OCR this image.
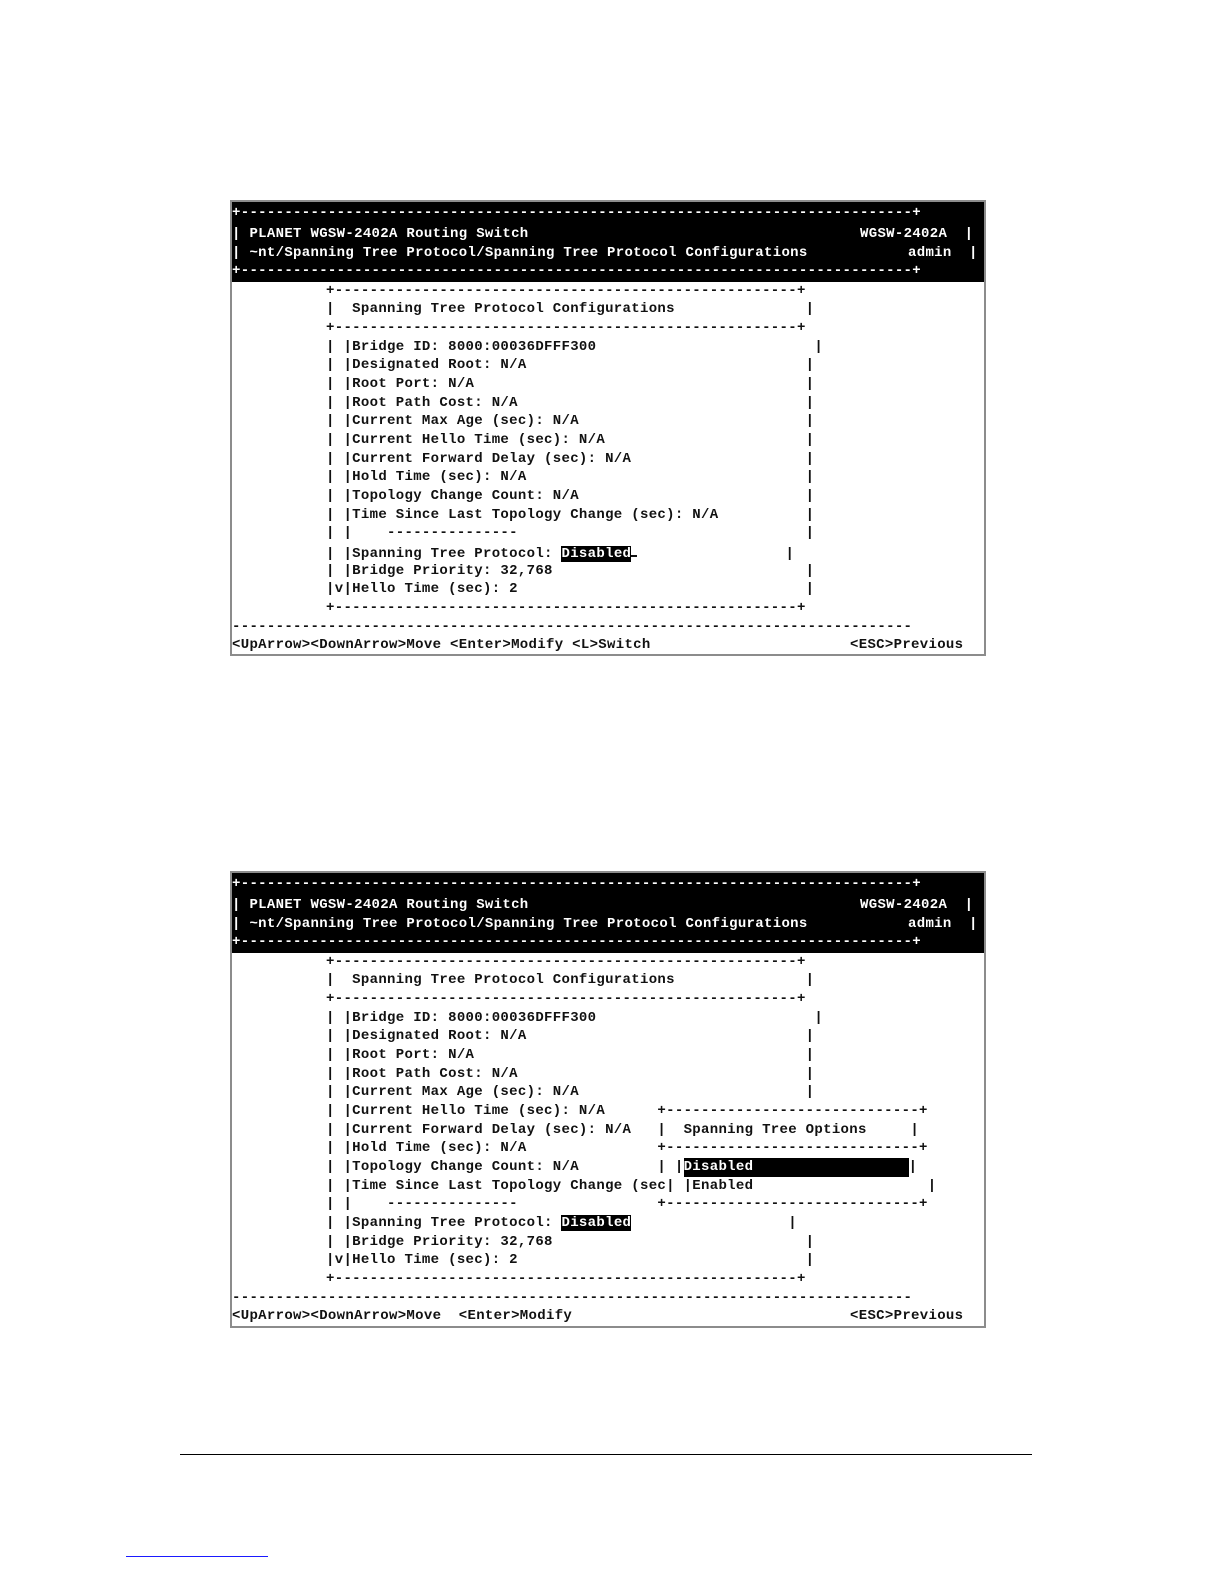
+-----------------------------------------------------------------------------+
| PLANET WGSW-2402A Routing Switch	WGSW-2402A  |
| ~nt/Spanning Tree Protocol/Spanning Tree Protocol Configurations	admin  |
+-----------------------------------------------------------------------------+
+-----------------------------------------------------+
|  Spanning Tree Protocol Configurations               |
+-----------------------------------------------------+
| |Bridge ID: 8000:00036DFFF300                         |
| |Designated Root: N/A                                |
| |Root Port: N/A                                      |
| |Root Path Cost: N/A                                 |
| |Current Max Age (sec): N/A                          |
| |Current Hello Time (sec): N/A                       |
| |Current Forward Delay (sec): N/A                    |
| |Hold Time (sec): N/A                                |
| |Topology Change Count: N/A                          |
| |Time Since Last Topology Change (sec): N/A          |
| |    ---------------                                 |
| |Spanning Tree Protocol: Disabled                 |
| |Bridge Priority: 32,768                             |
|v|Hello Time (sec): 2                                 |
+-----------------------------------------------------+
------------------------------------------------------------------------------
<UpArrow><DownArrow>Move <Enter>Modify <L>Switch	<ESC>Previous
+-----------------------------------------------------------------------------+
| PLANET WGSW-2402A Routing Switch	WGSW-2402A  |
| ~nt/Spanning Tree Protocol/Spanning Tree Protocol Configurations	admin  |
+-----------------------------------------------------------------------------+
+-----------------------------------------------------+
|  Spanning Tree Protocol Configurations               |
+-----------------------------------------------------+
| |Bridge ID: 8000:00036DFFF300                         |
| |Designated Root: N/A                                |
| |Root Port: N/A                                      |
| |Root Path Cost: N/A                                 |
| |Current Max Age (sec): N/A                          |
| |Current Hello Time (sec): N/A      +-----------------------------+
| |Current Forward Delay (sec): N/A   |  Spanning Tree Options     |
| |Hold Time (sec): N/A               +-----------------------------+
| |Topology Change Count: N/A         | |Disabled	|
| |Time Since Last Topology Change (sec| |Enabled                    |
| |    ---------------                +-----------------------------+
| |Spanning Tree Protocol: Disabled                  |
| |Bridge Priority: 32,768                             |
|v|Hello Time (sec): 2                                 |
+-----------------------------------------------------+
------------------------------------------------------------------------------
<UpArrow><DownArrow>Move  <Enter>Modify	<ESC>Previous
